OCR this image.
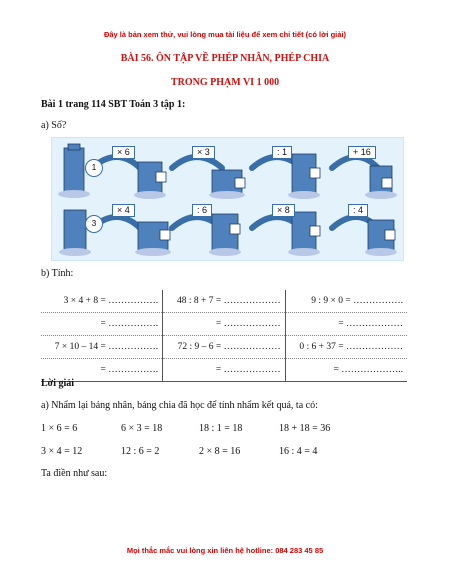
Đây là bản xem thử, vui lòng mua tài liệu để xem chi tiết (có lời giải)
BÀI 56. ÔN TẬP VỀ PHÉP NHÂN, PHÉP CHIA
TRONG PHẠM VI 1 000
Bài 1 trang 114 SBT Toán 3 tập 1:
a) Số?
1
3
× 6	× 3	: 1	+ 16
× 4	: 6	× 8	: 4
b) Tính:
3 × 4 + 8 = …………….	48 : 8 + 7 = ………………	9 : 9 × 0 = …………….
= …………….	= ………………	= ………………
7 × 10 – 14 = …………….	72 : 9 – 6 = ………………	0 : 6 + 37 = ………………
= …………….	= ………………	= ………………..
Lời giải
a) Nhẩm lại bảng nhân, bảng chia đã học để tính nhẩm kết quả, ta có:
1 × 6 = 6	6 × 3 = 18	18 : 1 = 18	18 + 18 = 36
3 × 4 = 12	12 : 6 = 2	2 × 8 = 16	16 : 4 = 4
Ta điền như sau:
Mọi thắc mắc vui lòng xin liên hệ hotline: 084 283 45 85
